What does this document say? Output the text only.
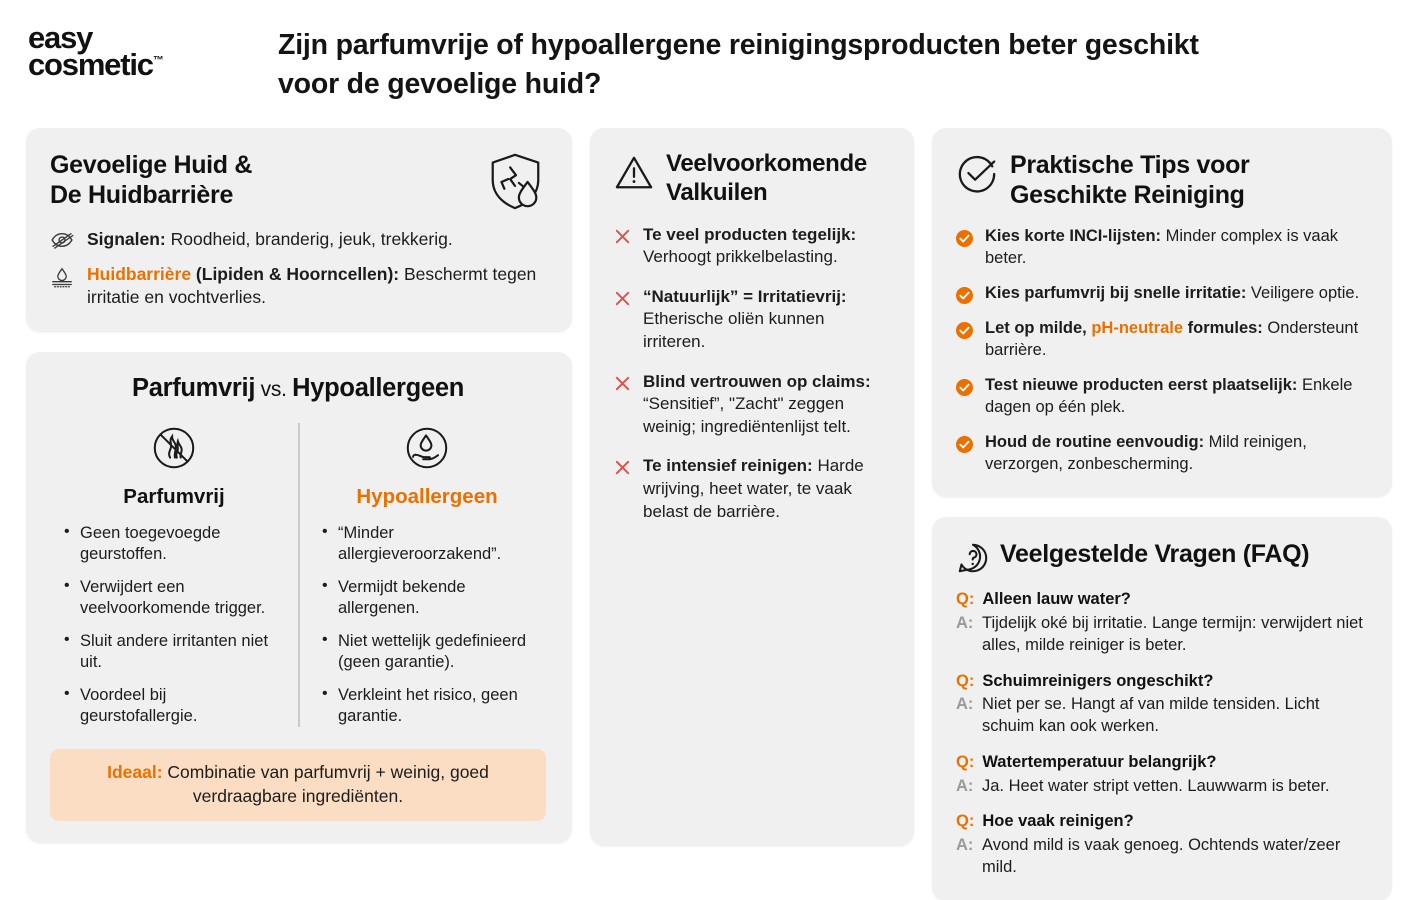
easy
cosmetic™	Zijn parfumvrije of hypoallergene reinigingsproducten beter geschikt voor de gevoelige huid?
Gevoelige Huid &
De Huidbarrière
Signalen: Roodheid, branderig, jeuk, trekkerig.
Huidbarrière (Lipiden & Hoorncellen): Beschermt tegen irritatie en vochtverlies.
Parfumvrij vs. Hypoallergeen
Parfumvrij
• Geen toegevoegde geurstoffen.
• Verwijdert een veelvoorkomende trigger.
• Sluit andere irritanten niet uit.
• Voordeel bij geurstofallergie.
Hypoallergeen
• “Minder allergieveroorzakend”.
• Vermijdt bekende allergenen.
• Niet wettelijk gedefinieerd (geen garantie).
• Verkleint het risico, geen garantie.
Ideaal: Combinatie van parfumvrij + weinig, goed verdraagbare ingrediënten.
Veelvoorkomende
Valkuilen
Te veel producten tegelijk: Verhoogt prikkelbelasting.
“Natuurlijk” = Irritatievrij: Etherische oliën kunnen irriteren.
Blind vertrouwen op claims: “Sensitief”, "Zacht" zeggen weinig; ingrediëntenlijst telt.
Te intensief reinigen: Harde wrijving, heet water, te vaak belast de barrière.
Praktische Tips voor
Geschikte Reiniging
Kies korte INCI-lijsten: Minder complex is vaak beter.
Kies parfumvrij bij snelle irritatie: Veiligere optie.
Let op milde, pH-neutrale formules: Ondersteunt barrière.
Test nieuwe producten eerst plaatselijk: Enkele dagen op één plek.
Houd de routine eenvoudig: Mild reinigen, verzorgen, zonbescherming.
Veelgestelde Vragen (FAQ)
Q: Alleen lauw water?
A: Tijdelijk oké bij irritatie. Lange termijn: verwijdert niet alles, milde reiniger is beter.
Q: Schuimreinigers ongeschikt?
A: Niet per se. Hangt af van milde tensiden. Licht schuim kan ook werken.
Q: Watertemperatuur belangrijk?
A: Ja. Heet water stript vetten. Lauwwarm is beter.
Q: Hoe vaak reinigen?
A: Avond mild is vaak genoeg. Ochtends water/zeer mild.
